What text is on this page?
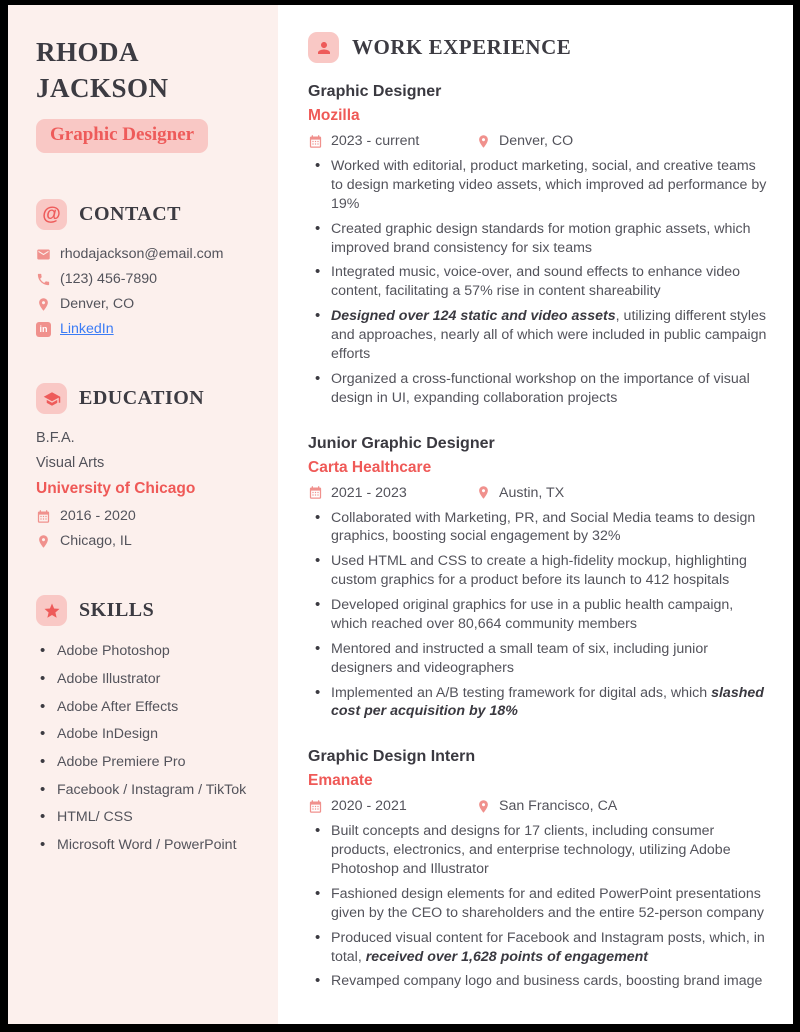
RHODA JACKSON
Graphic Designer
@ CONTACT
rhodajackson@email.com
(123) 456-7890
Denver, CO
in LinkedIn
EDUCATION
B.F.A.
Visual Arts
University of Chicago
2016 - 2020
Chicago, IL
SKILLS
• Adobe Photoshop
• Adobe Illustrator
• Adobe After Effects
• Adobe InDesign
• Adobe Premiere Pro
• Facebook / Instagram / TikTok
• HTML/ CSS
• Microsoft Word / PowerPoint
WORK EXPERIENCE
Graphic Designer
Mozilla
2023 - current	Denver, CO
• Worked with editorial, product marketing, social, and creative teams to design marketing video assets, which improved ad performance by 19%
• Created graphic design standards for motion graphic assets, which improved brand consistency for six teams
• Integrated music, voice-over, and sound effects to enhance video content, facilitating a 57% rise in content shareability
• Designed over 124 static and video assets, utilizing different styles and approaches, nearly all of which were included in public campaign efforts
• Organized a cross-functional workshop on the importance of visual design in UI, expanding collaboration projects
Junior Graphic Designer
Carta Healthcare
2021 - 2023	Austin, TX
• Collaborated with Marketing, PR, and Social Media teams to design graphics, boosting social engagement by 32%
• Used HTML and CSS to create a high-fidelity mockup, highlighting custom graphics for a product before its launch to 412 hospitals
• Developed original graphics for use in a public health campaign, which reached over 80,664 community members
• Mentored and instructed a small team of six, including junior designers and videographers
• Implemented an A/B testing framework for digital ads, which slashed cost per acquisition by 18%
Graphic Design Intern
Emanate
2020 - 2021	San Francisco, CA
• Built concepts and designs for 17 clients, including consumer products, electronics, and enterprise technology, utilizing Adobe Photoshop and Illustrator
• Fashioned design elements for and edited PowerPoint presentations given by the CEO to shareholders and the entire 52-person company
• Produced visual content for Facebook and Instagram posts, which, in total, received over 1,628 points of engagement
• Revamped company logo and business cards, boosting brand image
